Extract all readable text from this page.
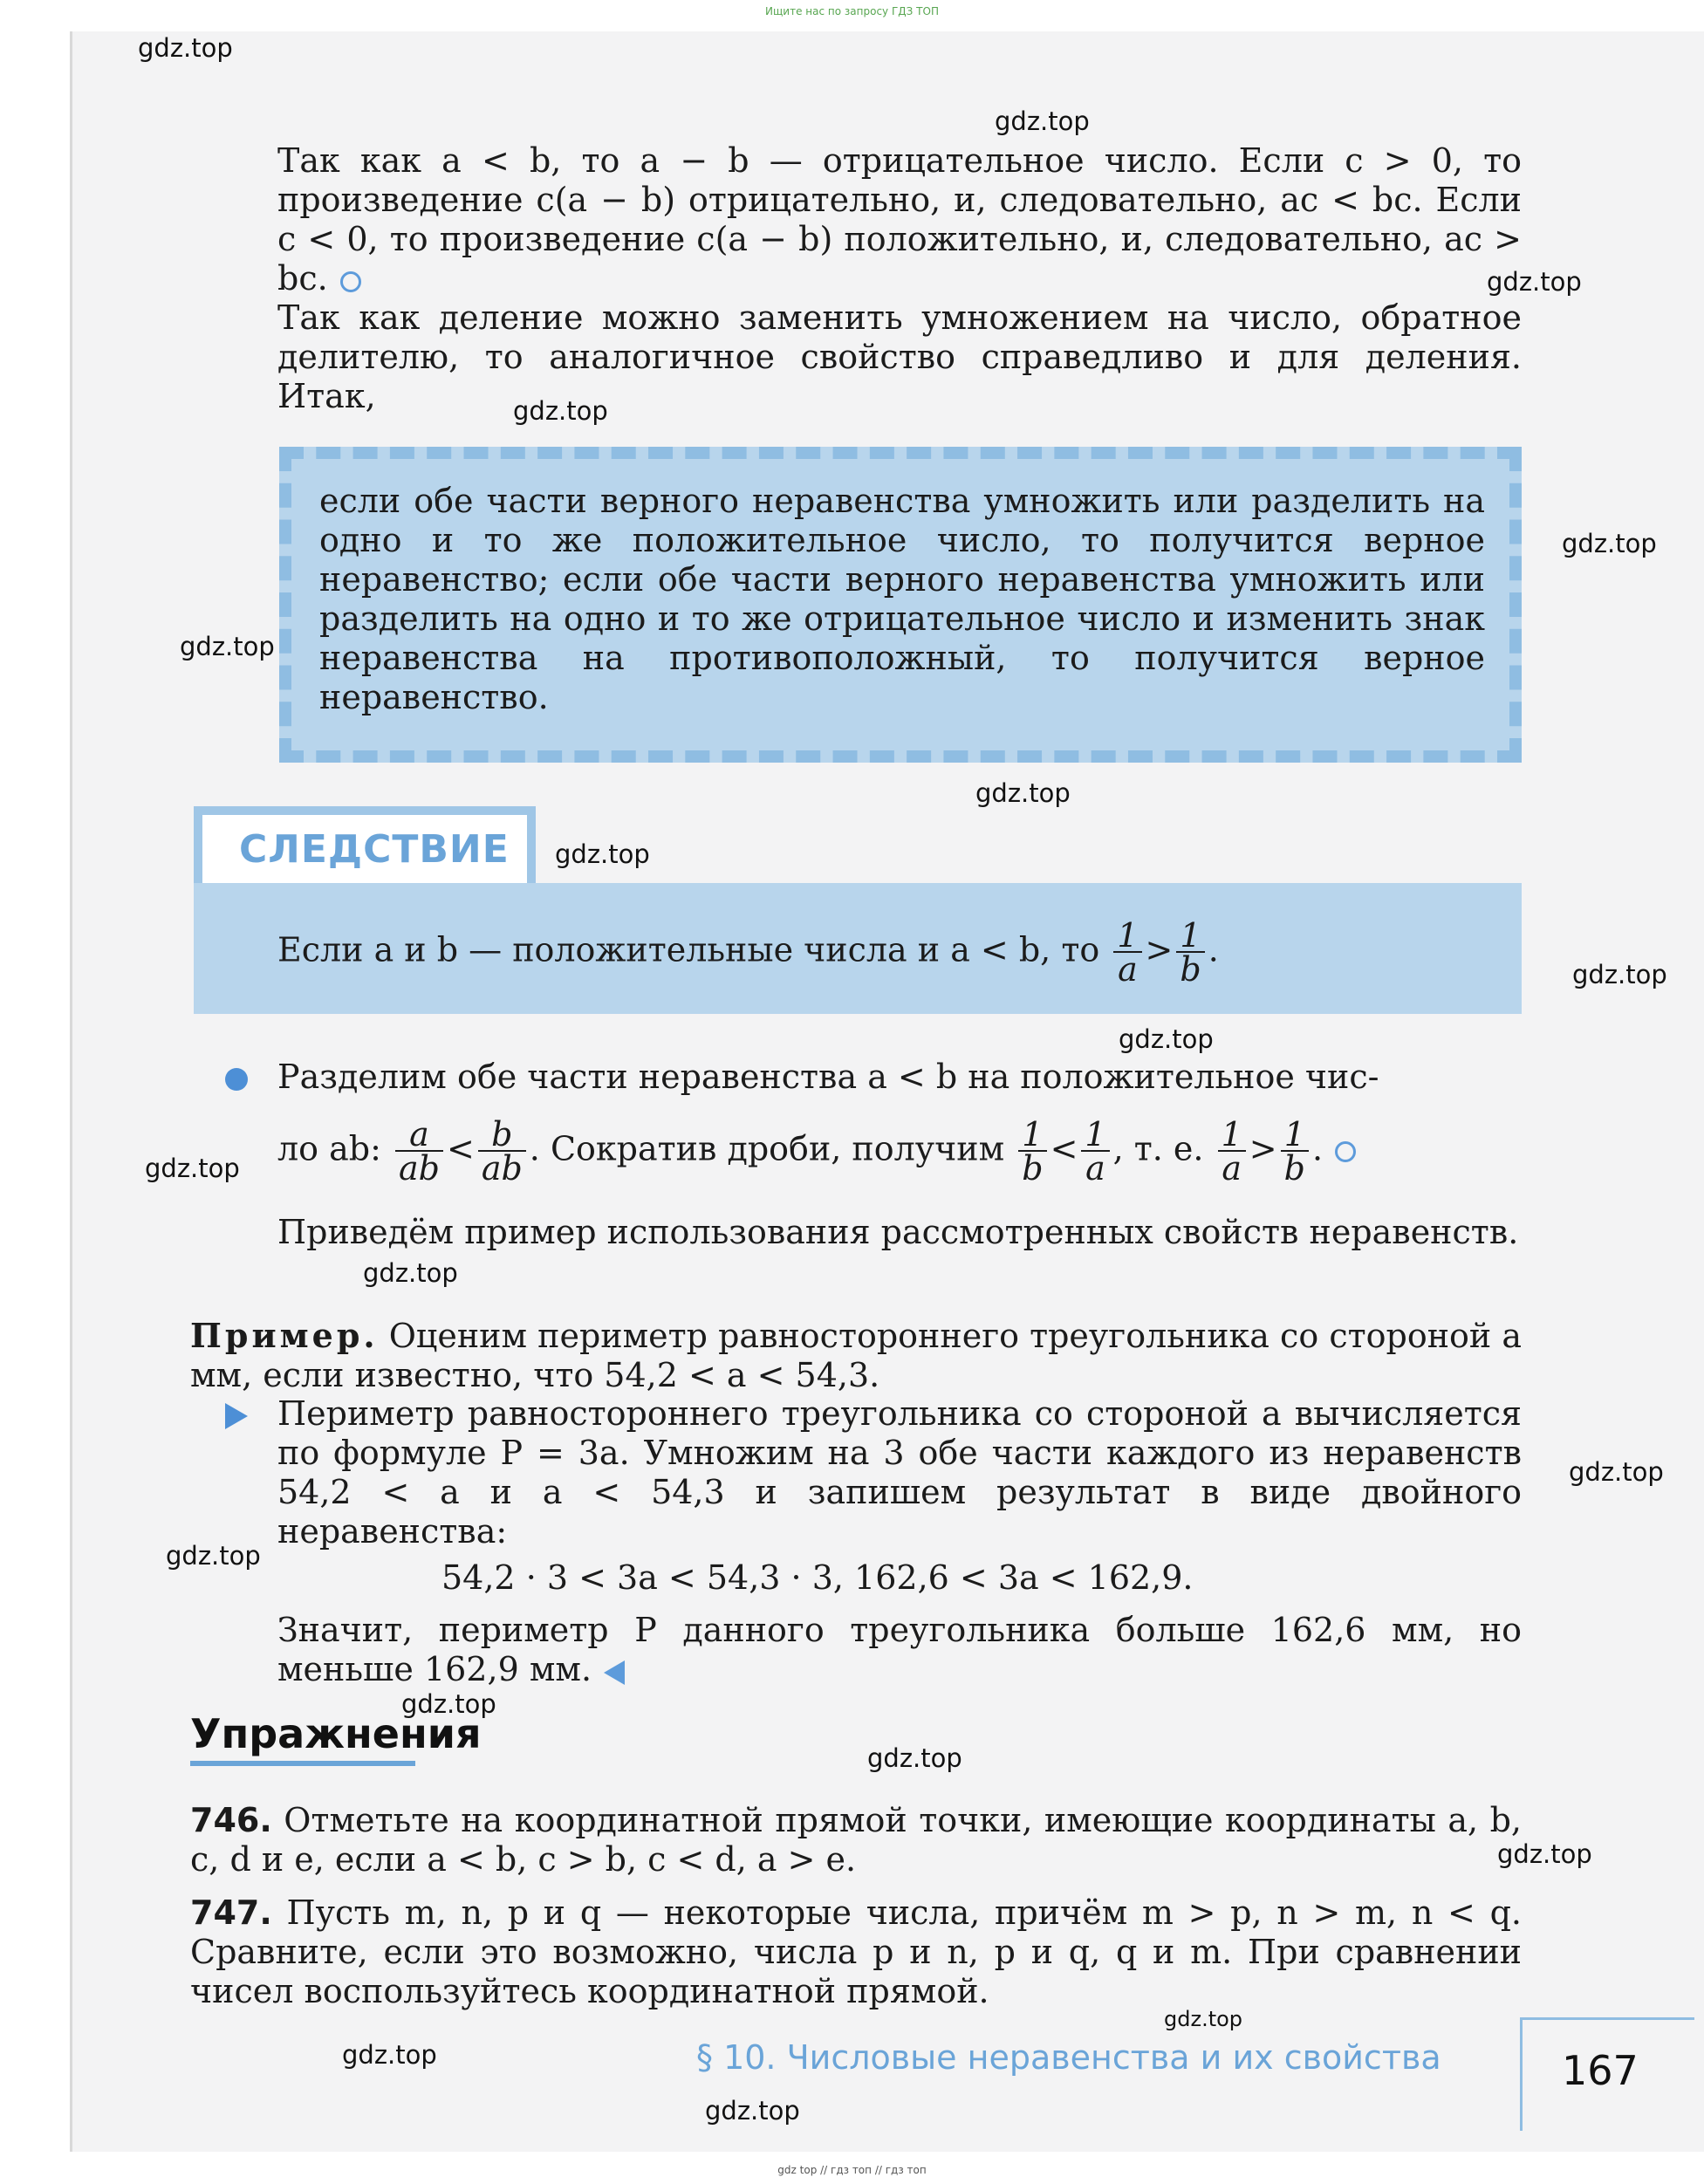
Ищите нас по запросу ГДЗ ТОП
gdz.top
gdz.top
gdz.top
gdz.top
gdz.top
gdz.top
gdz.top
gdz.top
gdz.top
gdz.top
gdz.top
gdz.top
gdz.top
gdz.top
gdz.top
gdz.top
gdz.top
gdz.top
gdz.top
gdz.top

Так как a < b, то a − b — отрицательное число. Если c > 0, то произведение c(a − b) отрицательно, и, следовательно, ac < bc. Если c < 0, то произведение c(a − b) положительно, и, следовательно, ac > bc.

Так как деление можно заменить умножением на число, обратное делителю, то аналогичное свойство справедливо и для деления. Итак,

если обе части верного неравенства умножить или разделить на одно и то же положительное число, то получится верное неравенство; если обе части верного неравенства умножить или разделить на одно и то же отрицательное число и изменить знак неравенства на противоположный, то получится верное неравенство.
СЛЕДСТВИЕ
Если a и b — положительные числа и a < b, то $\frac{1}{a} > \frac{1}{b}$ .
Разделим обе части неравенства a < b на положительное чис-
ло ab: $\frac{a}{ab} < \frac{b}{ab}$ . Сократив дроби, получим $\frac{1}{b} < \frac{1}{a}$ , т. е. $\frac{1}{a} > \frac{1}{b}$ .

Приведём пример использования рассмотренных свойств неравенств.

Пример. Оценим периметр равностороннего треугольника со стороной a мм, если известно, что 54,2 < a < 54,3.

Периметр равностороннего треугольника со стороной a вычисляется по формуле P = 3a. Умножим на 3 обе части каждого из неравенств 54,2 < a и a < 54,3 и запишем результат в виде двойного неравенства:

54,2 · 3 < 3a < 54,3 · 3, 162,6 < 3a < 162,9.

Значит, периметр P данного треугольника больше 162,6 мм, но меньше 162,9 мм.

Упражнения

746. Отметьте на координатной прямой точки, имеющие координаты a, b, c, d и e, если a < b, c > b, c < d, a > e.

747. Пусть m, n, p и q — некоторые числа, причём m > p, n > m, n < q. Сравните, если это возможно, числа p и n, p и q, q и m. При сравнении чисел воспользуйтесь координатной прямой.

§ 10. Числовые неравенства и их свойства	167
gdz top // гдз топ // гдз топ
